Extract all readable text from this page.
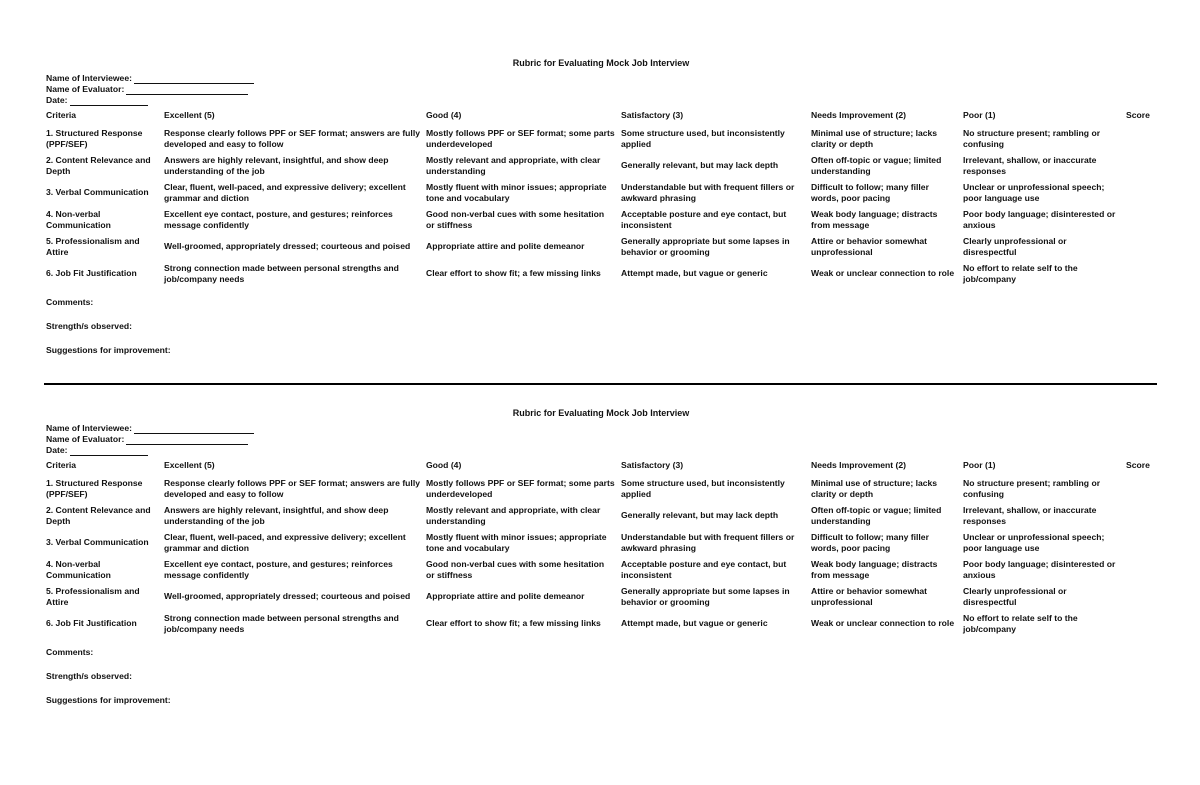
Rubric for Evaluating Mock Job Interview
Name of Interviewee:
Name of Evaluator:
Date:
Criteria	Excellent (5)	Good (4)	Satisfactory (3)	Needs Improvement (2)	Poor (1)	Score
1. Structured Response (PPF/SEF)	Response clearly follows PPF or SEF format; answers are fully developed and easy to follow	Mostly follows PPF or SEF format; some parts underdeveloped	Some structure used, but inconsistently applied	Minimal use of structure; lacks clarity or depth	No structure present; rambling or confusing	
2. Content Relevance and Depth	Answers are highly relevant, insightful, and show deep understanding of the job	Mostly relevant and appropriate, with clear understanding	Generally relevant, but may lack depth	Often off-topic or vague; limited understanding	Irrelevant, shallow, or inaccurate responses	
3. Verbal Communication	Clear, fluent, well-paced, and expressive delivery; excellent grammar and diction	Mostly fluent with minor issues; appropriate tone and vocabulary	Understandable but with frequent fillers or awkward phrasing	Difficult to follow; many filler words, poor pacing	Unclear or unprofessional speech; poor language use	
4. Non-verbal Communication	Excellent eye contact, posture, and gestures; reinforces message confidently	Good non-verbal cues with some hesitation or stiffness	Acceptable posture and eye contact, but inconsistent	Weak body language; distracts from message	Poor body language; disinterested or anxious	
5. Professionalism and Attire	Well-groomed, appropriately dressed; courteous and poised	Appropriate attire and polite demeanor	Generally appropriate but some lapses in behavior or grooming	Attire or behavior somewhat unprofessional	Clearly unprofessional or disrespectful	
6. Job Fit Justification	Strong connection made between personal strengths and job/company needs	Clear effort to show fit; a few missing links	Attempt made, but vague or generic	Weak or unclear connection to role	No effort to relate self to the job/company	
Comments:
Strength/s observed:
Suggestions for improvement:
Rubric for Evaluating Mock Job Interview
Name of Interviewee:
Name of Evaluator:
Date:
Criteria	Excellent (5)	Good (4)	Satisfactory (3)	Needs Improvement (2)	Poor (1)	Score
1. Structured Response (PPF/SEF)	Response clearly follows PPF or SEF format; answers are fully developed and easy to follow	Mostly follows PPF or SEF format; some parts underdeveloped	Some structure used, but inconsistently applied	Minimal use of structure; lacks clarity or depth	No structure present; rambling or confusing	
2. Content Relevance and Depth	Answers are highly relevant, insightful, and show deep understanding of the job	Mostly relevant and appropriate, with clear understanding	Generally relevant, but may lack depth	Often off-topic or vague; limited understanding	Irrelevant, shallow, or inaccurate responses	
3. Verbal Communication	Clear, fluent, well-paced, and expressive delivery; excellent grammar and diction	Mostly fluent with minor issues; appropriate tone and vocabulary	Understandable but with frequent fillers or awkward phrasing	Difficult to follow; many filler words, poor pacing	Unclear or unprofessional speech; poor language use	
4. Non-verbal Communication	Excellent eye contact, posture, and gestures; reinforces message confidently	Good non-verbal cues with some hesitation or stiffness	Acceptable posture and eye contact, but inconsistent	Weak body language; distracts from message	Poor body language; disinterested or anxious	
5. Professionalism and Attire	Well-groomed, appropriately dressed; courteous and poised	Appropriate attire and polite demeanor	Generally appropriate but some lapses in behavior or grooming	Attire or behavior somewhat unprofessional	Clearly unprofessional or disrespectful	
6. Job Fit Justification	Strong connection made between personal strengths and job/company needs	Clear effort to show fit; a few missing links	Attempt made, but vague or generic	Weak or unclear connection to role	No effort to relate self to the job/company	
Comments:
Strength/s observed:
Suggestions for improvement:
